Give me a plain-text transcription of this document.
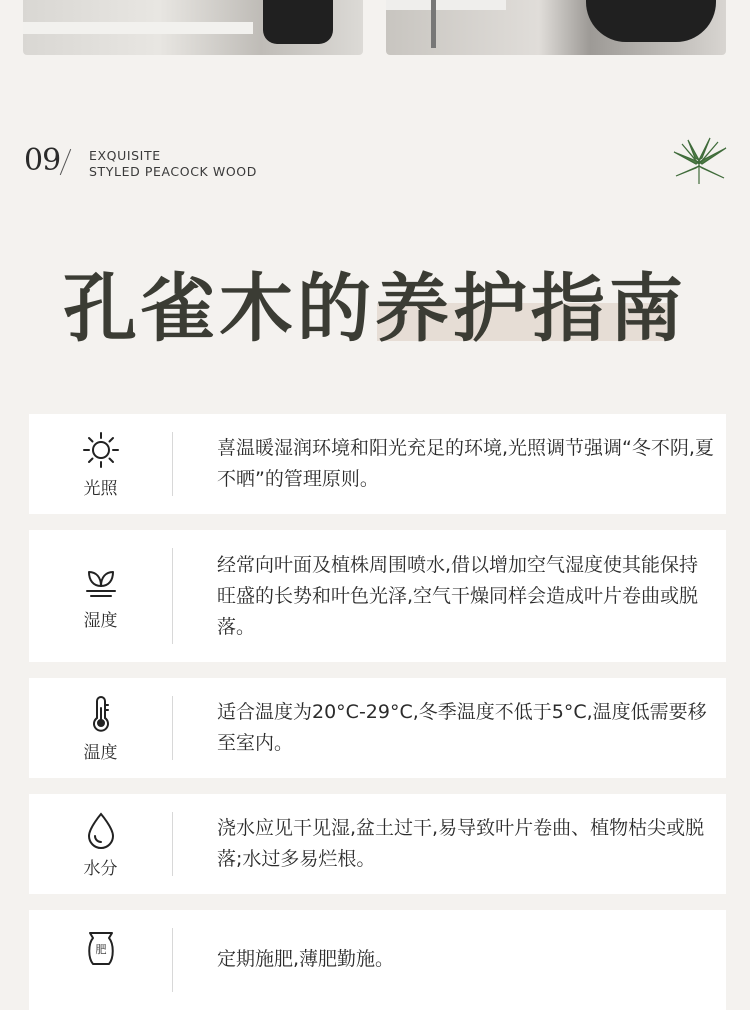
09 EXQUISITE
STYLED PEACOCK WOOD
孔雀木的养护指南
光照
喜温暖湿润环境和阳光充足的环境,光照调节强调“冬不阴,夏不晒”的管理原则。
湿度
经常向叶面及植株周围喷水,借以增加空气湿度使其能保持旺盛的长势和叶色光泽,空气干燥同样会造成叶片卷曲或脱落。
温度
适合温度为20°C-29°C,冬季温度不低于5°C,温度低需要移至室内。
水分
浇水应见干见湿,盆土过干,易导致叶片卷曲、植物枯尖或脱落;水过多易烂根。
肥	定期施肥,薄肥勤施。
